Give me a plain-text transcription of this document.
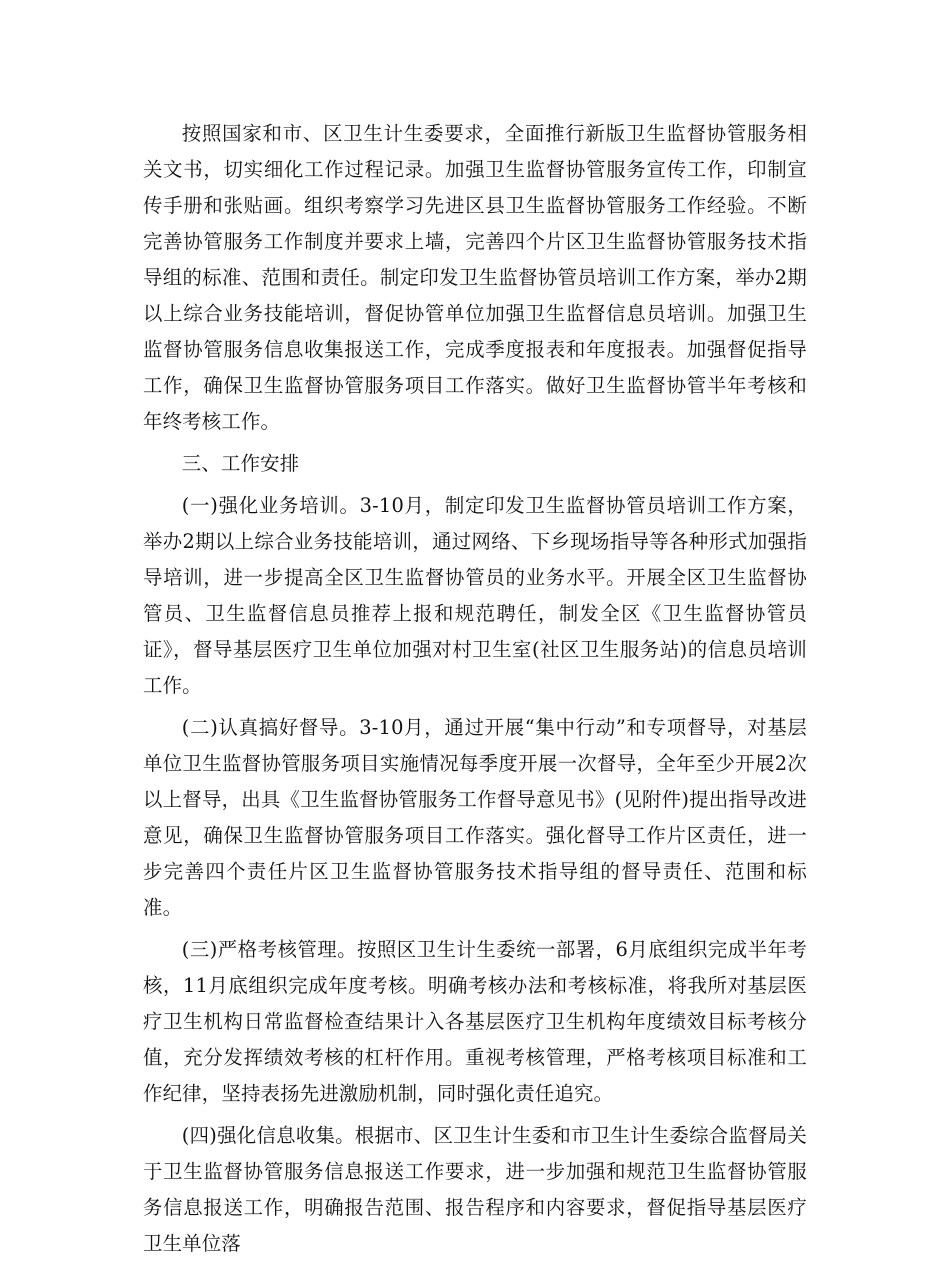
按照国家和市、区卫生计生委要求，全面推行新版卫生监督协管服务相关文书，切实细化工作过程记录。加强卫生监督协管服务宣传工作，印制宣传手册和张贴画。组织考察学习先进区县卫生监督协管服务工作经验。不断完善协管服务工作制度并要求上墙，完善四个片区卫生监督协管服务技术指导组的标准、范围和责任。制定印发卫生监督协管员培训工作方案，举办2期以上综合业务技能培训，督促协管单位加强卫生监督信息员培训。加强卫生监督协管服务信息收集报送工作，完成季度报表和年度报表。加强督促指导工作，确保卫生监督协管服务项目工作落实。做好卫生监督协管半年考核和年终考核工作。

三、工作安排

(一)强化业务培训。3-10月，制定印发卫生监督协管员培训工作方案，举办2期以上综合业务技能培训，通过网络、下乡现场指导等各种形式加强指导培训，进一步提高全区卫生监督协管员的业务水平。开展全区卫生监督协管员、卫生监督信息员推荐上报和规范聘任，制发全区《卫生监督协管员证》，督导基层医疗卫生单位加强对村卫生室(社区卫生服务站)的信息员培训工作。

(二)认真搞好督导。3-10月，通过开展“集中行动”和专项督导，对基层单位卫生监督协管服务项目实施情况每季度开展一次督导，全年至少开展2次以上督导，出具《卫生监督协管服务工作督导意见书》(见附件)提出指导改进意见，确保卫生监督协管服务项目工作落实。强化督导工作片区责任，进一步完善四个责任片区卫生监督协管服务技术指导组的督导责任、范围和标准。

(三)严格考核管理。按照区卫生计生委统一部署，6月底组织完成半年考核，11月底组织完成年度考核。明确考核办法和考核标准，将我所对基层医疗卫生机构日常监督检查结果计入各基层医疗卫生机构年度绩效目标考核分值，充分发挥绩效考核的杠杆作用。重视考核管理，严格考核项目标准和工作纪律，坚持表扬先进激励机制，同时强化责任追究。

(四)强化信息收集。根据市、区卫生计生委和市卫生计生委综合监督局关于卫生监督协管服务信息报送工作要求，进一步加强和规范卫生监督协管服务信息报送工作，明确报告范围、报告程序和内容要求，督促指导基层医疗卫生单位落
